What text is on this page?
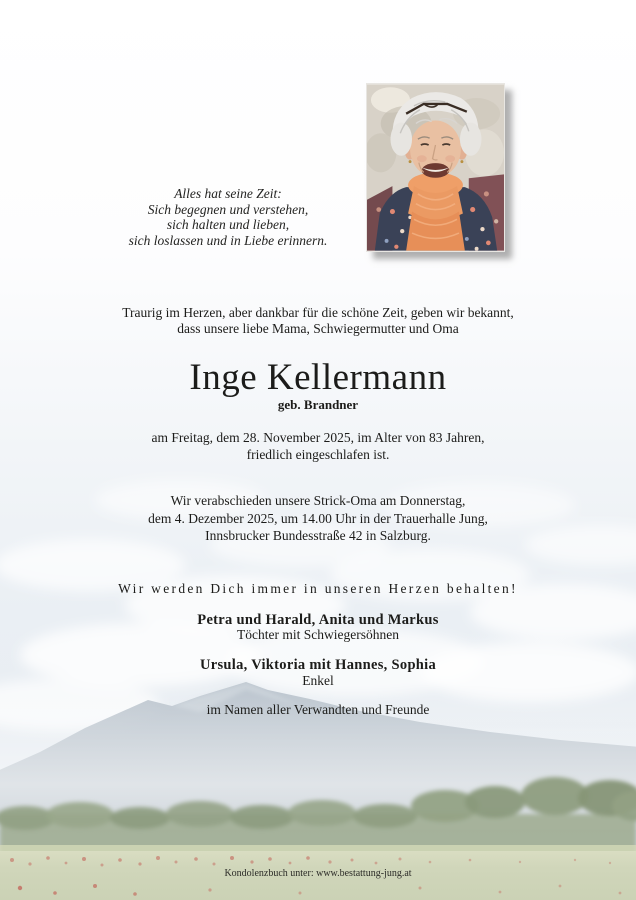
Alles hat seine Zeit:
Sich begegnen und verstehen,
sich halten und lieben,
sich loslassen und in Liebe erinnern.
Traurig im Herzen, aber dankbar für die schöne Zeit, geben wir bekannt,
dass unsere liebe Mama, Schwiegermutter und Oma
Inge Kellermann
geb. Brandner
am Freitag, dem 28. November 2025, im Alter von 83 Jahren,
friedlich eingeschlafen ist.
Wir verabschieden unsere Strick-Oma am Donnerstag,
dem 4. Dezember 2025, um 14.00 Uhr in der Trauerhalle Jung,
Innsbrucker Bundesstraße 42 in Salzburg.
Wir werden Dich immer in unseren Herzen behalten!
Petra und Harald, Anita und Markus
Töchter mit Schwiegersöhnen
Ursula, Viktoria mit Hannes, Sophia
Enkel
im Namen aller Verwandten und Freunde
Kondolenzbuch unter: www.bestattung-jung.at
